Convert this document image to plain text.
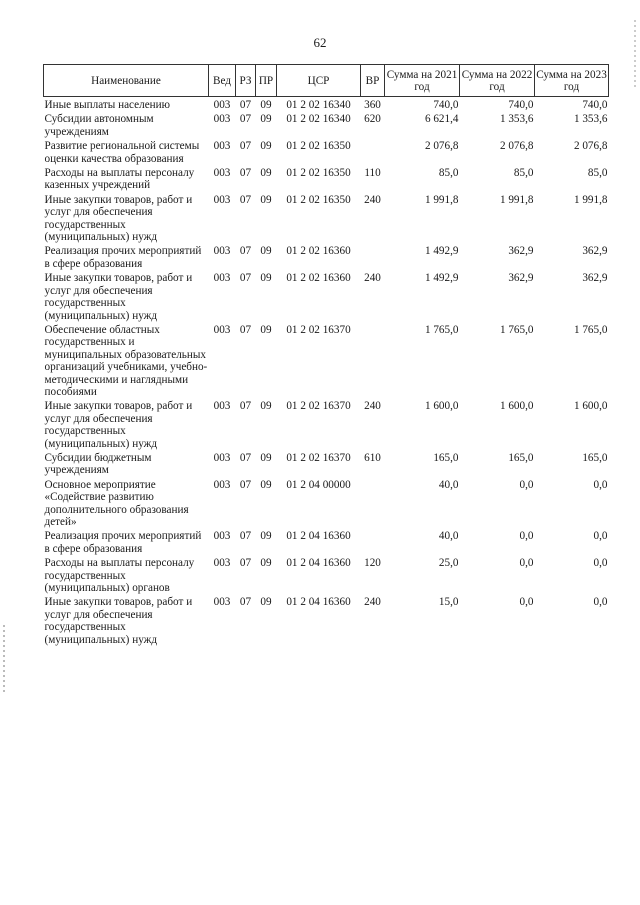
62
Наименование	Вед	РЗ	ПР	ЦСР	ВР	Сумма на 2021 год	Сумма на 2022 год	Сумма на 2023 год
Иные выплаты населению	003	07	09	01 2 02 16340	360	740,0	740,0	740,0
Субсидии автономным учреждениям	003	07	09	01 2 02 16340	620	6 621,4	1 353,6	1 353,6
Развитие региональной системы оценки качества образования	003	07	09	01 2 02 16350		2 076,8	2 076,8	2 076,8
Расходы на выплаты персоналу казенных учреждений	003	07	09	01 2 02 16350	110	85,0	85,0	85,0
Иные закупки товаров, работ и услуг для обеспечения государственных (муниципальных) нужд	003	07	09	01 2 02 16350	240	1 991,8	1 991,8	1 991,8
Реализация прочих мероприятий в сфере образования	003	07	09	01 2 02 16360		1 492,9	362,9	362,9
Иные закупки товаров, работ и услуг для обеспечения государственных (муниципальных) нужд	003	07	09	01 2 02 16360	240	1 492,9	362,9	362,9
Обеспечение областных государственных и муниципальных образовательных организаций учебниками, учебно-методическими и наглядными пособиями	003	07	09	01 2 02 16370		1 765,0	1 765,0	1 765,0
Иные закупки товаров, работ и услуг для обеспечения государственных (муниципальных) нужд	003	07	09	01 2 02 16370	240	1 600,0	1 600,0	1 600,0
Субсидии бюджетным учреждениям	003	07	09	01 2 02 16370	610	165,0	165,0	165,0
Основное мероприятие «Содействие развитию дополнительного образования детей»	003	07	09	01 2 04 00000		40,0	0,0	0,0
Реализация прочих мероприятий в сфере образования	003	07	09	01 2 04 16360		40,0	0,0	0,0
Расходы на выплаты персоналу государственных (муниципальных) органов	003	07	09	01 2 04 16360	120	25,0	0,0	0,0
Иные закупки товаров, работ и услуг для обеспечения государственных (муниципальных) нужд	003	07	09	01 2 04 16360	240	15,0	0,0	0,0
